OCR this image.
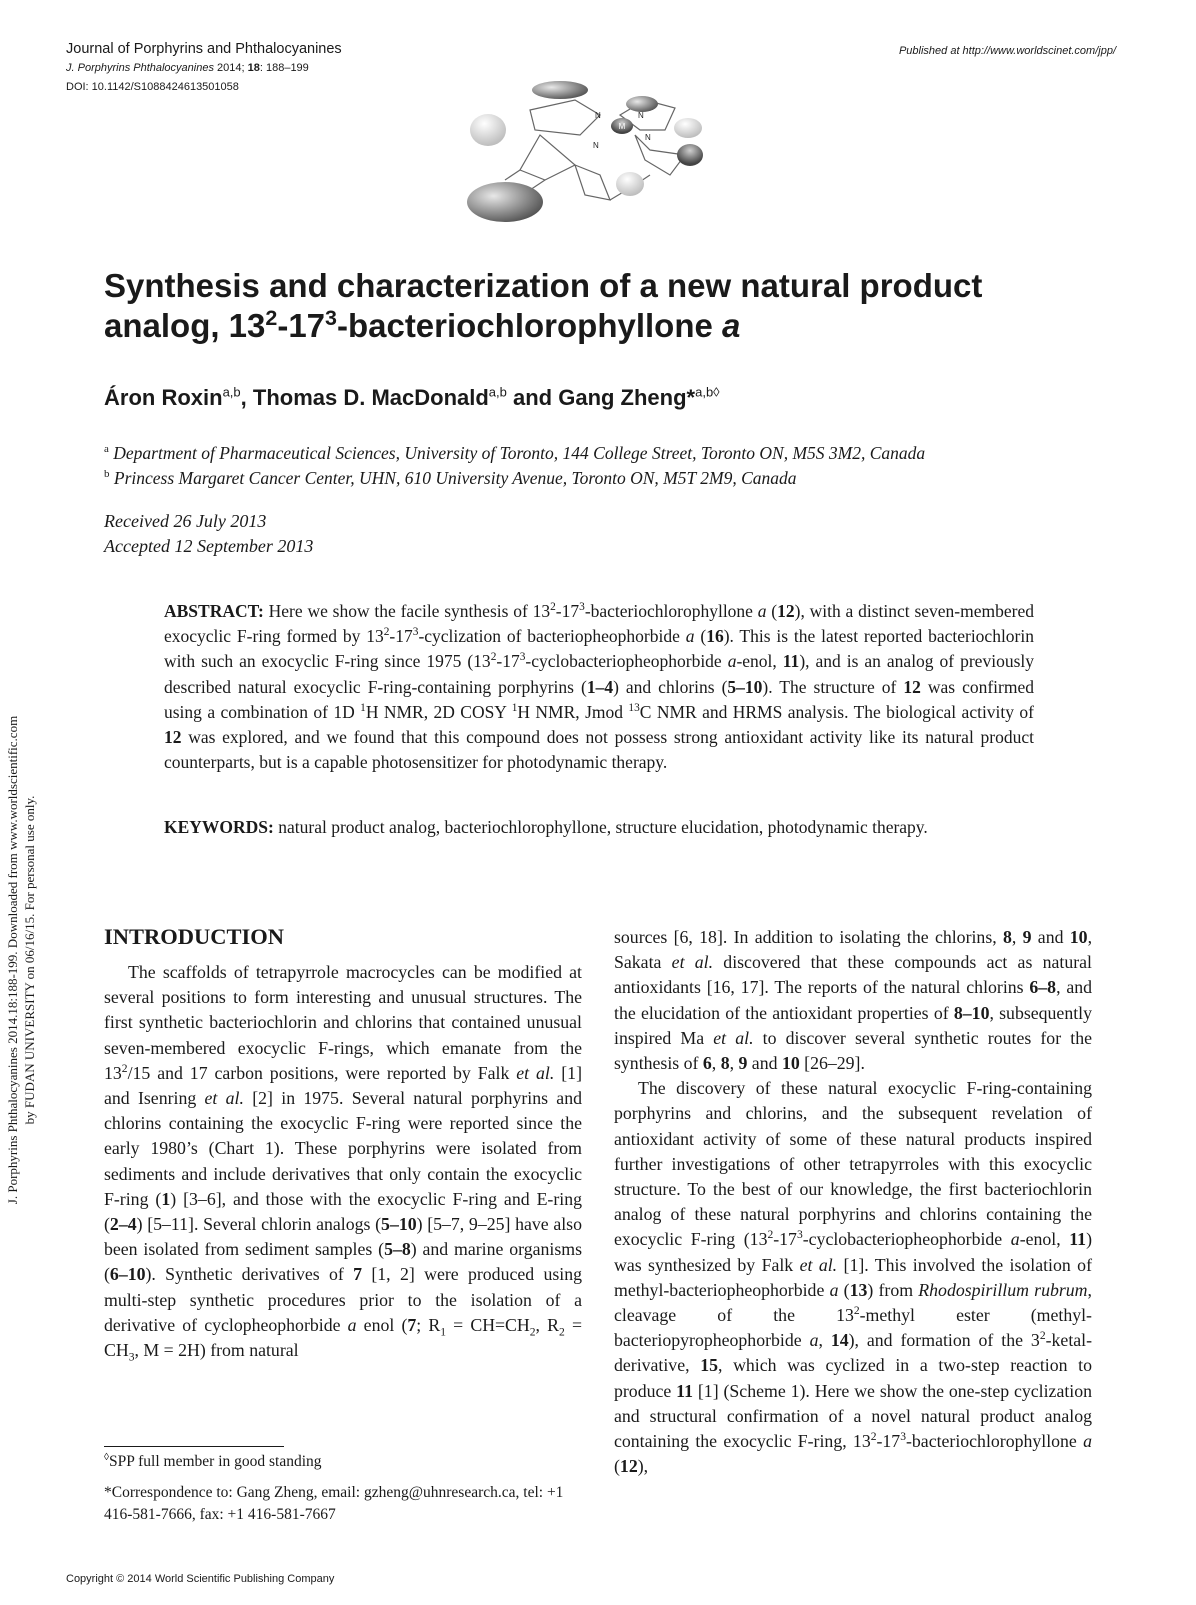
Journal of Porphyrins and Phthalocyanines
J. Porphyrins Phthalocyanines 2014; 18: 188–199
DOI: 10.1142/S1088424613501058
Published at http://www.worldscinet.com/jpp/
M
N	N
N
N
Synthesis and characterization of a new natural product
analog, $13^2-17^3$-bacteriochlorophyllone a
Áron Roxin$^{a,b}$, Thomas D. MacDonald$^{a,b}$ and Gang Zheng*$^{a,b◊}$
$^a$ Department of Pharmaceutical Sciences, University of Toronto, 144 College Street, Toronto ON, M5S 3M2, Canada
$^b$ Princess Margaret Cancer Center, UHN, 610 University Avenue, Toronto ON, M5T 2M9, Canada
Received 26 July 2013
Accepted 12 September 2013
ABSTRACT: Here we show the facile synthesis of $13^2-17^3$-bacteriochlorophyllone a (12), with a distinct seven-membered exocyclic F-ring formed by $13^2-17^3$-cyclization of bacteriopheophorbide a (16). This is the latest reported bacteriochlorin with such an exocyclic F-ring since 1975 ($13^2-17^3$-cyclobacteriopheophorbide a-enol, 11), and is an analog of previously described natural exocyclic F-ring-containing porphyrins (1–4) and chlorins (5–10). The structure of 12 was confirmed using a combination of 1D $^1$H NMR, 2D COSY $^1$H NMR, Jmod $^{13}$C NMR and HRMS analysis. The biological activity of 12 was explored, and we found that this compound does not possess strong antioxidant activity like its natural product counterparts, but is a capable photosensitizer for photodynamic therapy.
KEYWORDS: natural product analog, bacteriochlorophyllone, structure elucidation, photodynamic therapy.
J. Porphyrins Phthalocyanines 2014.18:188-199. Downloaded from www.worldscientific.com by FUDAN UNIVERSITY on 06/16/15. For personal use only.	INTRODUCTION

The scaffolds of tetrapyrrole macrocycles can be modified at several positions to form interesting and unusual structures. The first synthetic bacteriochlorin and chlorins that contained unusual seven-membered exocyclic F-rings, which emanate from the $13^2/15$ and 17 carbon positions, were reported by Falk et al. [1] and Isenring et al. [2] in 1975. Several natural porphyrins and chlorins containing the exocyclic F-ring were reported since the early 1980’s (Chart 1). These porphyrins were isolated from sediments and include derivatives that only contain the exocyclic F-ring (1) [3–6], and those with the exocyclic F-ring and E-ring (2–4) [5–11]. Several chlorin analogs (5–10) [5–7, 9–25] have also been isolated from sediment samples (5–8) and marine organisms (6–10). Synthetic derivatives of 7 [1, 2] were produced using multi-step synthetic procedures prior to the isolation of a derivative of cyclopheophorbide a enol (7; $R_1 = CH=CH_2$, $R_2 = CH_3$, M = 2H) from natural

sources [6, 18]. In addition to isolating the chlorins, 8, 9 and 10, Sakata et al. discovered that these compounds act as natural antioxidants [16, 17]. The reports of the natural chlorins 6–8, and the elucidation of the antioxidant properties of 8–10, subsequently inspired Ma et al. to discover several synthetic routes for the synthesis of 6, 8, 9 and 10 [26–29].

The discovery of these natural exocyclic F-ring-containing porphyrins and chlorins, and the subsequent revelation of antioxidant activity of some of these natural products inspired further investigations of other tetrapyrroles with this exocyclic structure. To the best of our knowledge, the first bacteriochlorin analog of these natural porphyrins and chlorins containing the exocyclic F-ring ($13^2-17^3$-cyclobacteriopheophorbide a-enol, 11) was synthesized by Falk et al. [1]. This involved the isolation of methyl-bacteriopheophorbide a (13) from Rhodospirillum rubrum, cleavage of the $13^2$-methyl ester (methyl-bacteriopyropheophorbide a, 14), and formation of the $3^2-ketal$-derivative, 15, which was cyclized in a two-step reaction to produce 11 [1] (Scheme 1). Here we show the one-step cyclization and structural confirmation of a novel natural product analog containing the exocyclic F-ring, $13^2-17^3$-bacteriochlorophyllone a (12),

◊SPP full member in good standing
*Correspondence to: Gang Zheng, email: gzheng@uhnresearch.ca, tel: +1 416-581-7666, fax: +1 416-581-7667
Copyright © 2014 World Scientific Publishing Company
